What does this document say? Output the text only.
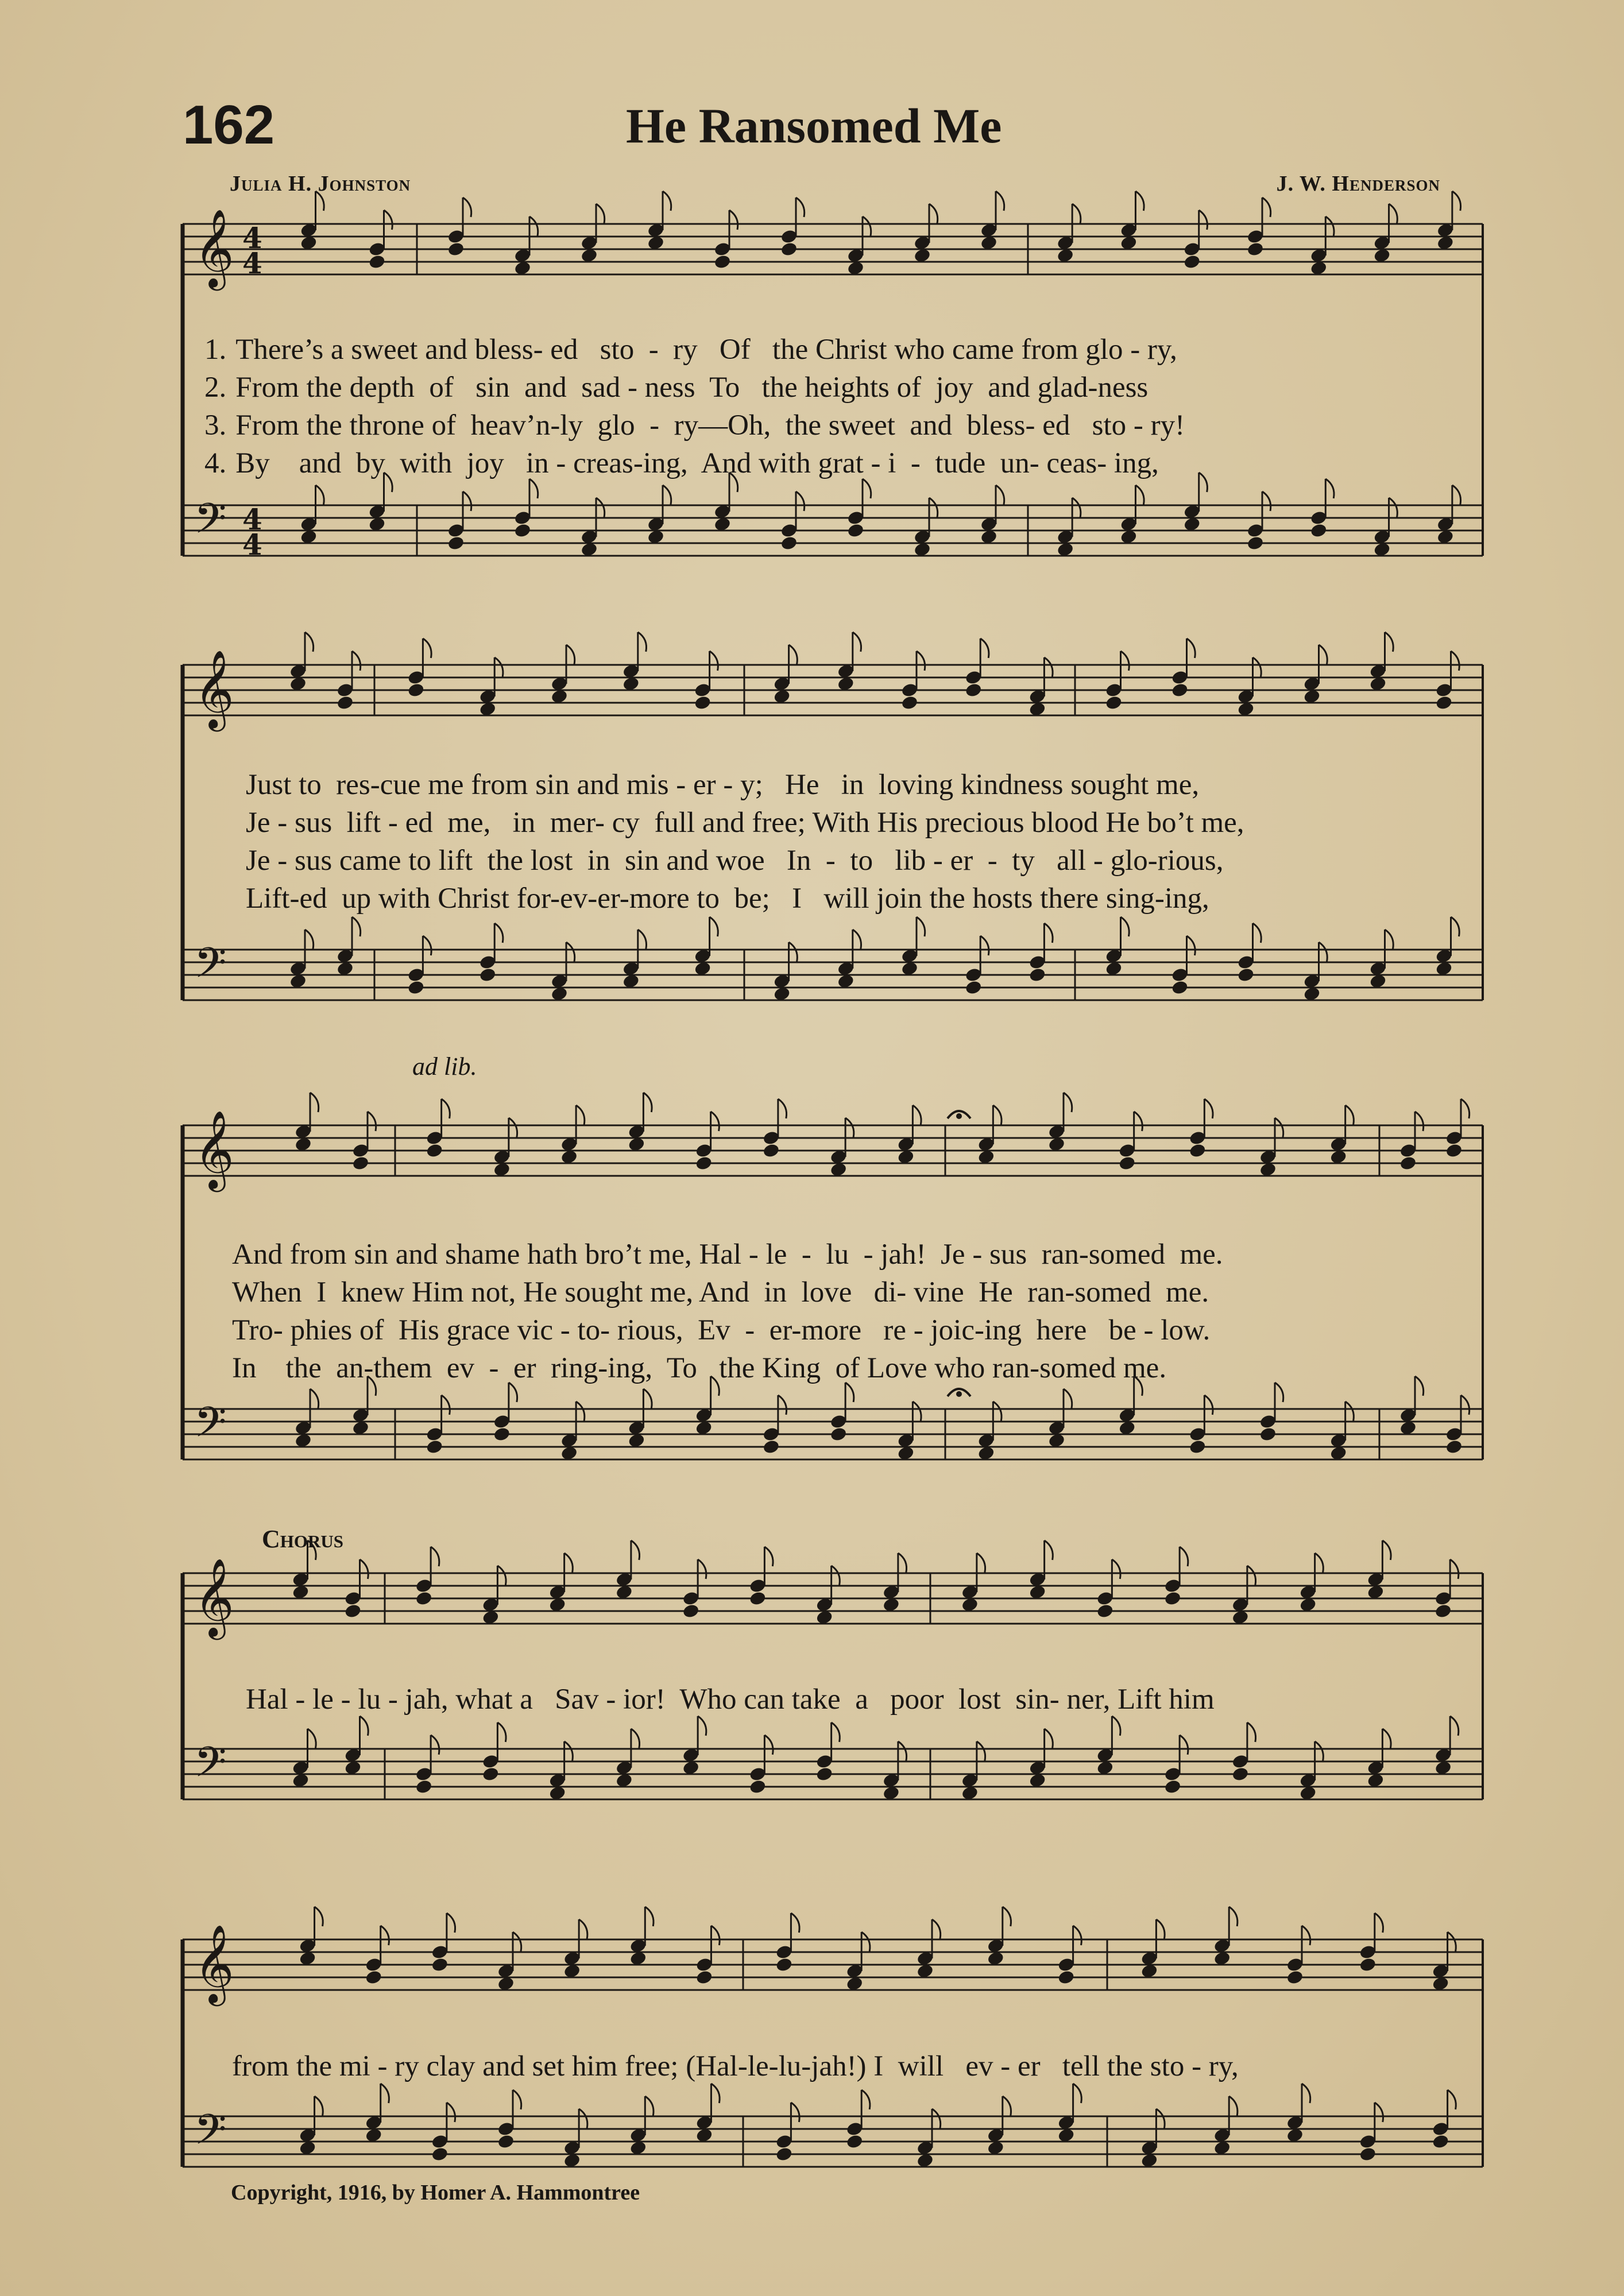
162	He Ransomed Me
Julia H. Johnston	J. W. Henderson
𝄞
𝄢
4
4
4
4
𝄞
𝄢
𝄞
𝄢
𝄞
𝄢
𝄞
𝄢
1. There’s a sweet and bless- ed   sto  -  ry   Of   the Christ who came from glo - ry,
2. From the depth  of   sin  and  sad - ness  To   the heights of  joy  and glad-ness
3. From the throne of  heav’n-ly  glo  -  ry—Oh,  the sweet  and  bless- ed   sto - ry!
4. By    and  by  with  joy   in - creas-ing,  And with grat - i  -  tude  un- ceas- ing,
Just to  res-cue me from sin and mis - er - y;   He   in  loving kindness sought me,
Je - sus  lift - ed  me,   in  mer- cy  full and free; With His precious blood He bo’t me,
Je - sus came to lift  the lost  in  sin and woe   In  -  to   lib - er  -  ty   all - glo-rious,
Lift-ed  up with Christ for-ev-er-more to  be;   I   will join the hosts there sing-ing,
ad lib.
And from sin and shame hath bro’t me, Hal - le  -  lu  - jah!  Je - sus  ran-somed  me.
When  I  knew Him not, He sought me, And  in  love   di- vine  He  ran-somed  me.
Tro- phies of  His grace vic - to- rious,  Ev  -  er-more   re - joic-ing  here   be - low.
In    the  an-them  ev  -  er  ring-ing,  To   the King  of Love who ran-somed me.
Chorus
Hal - le - lu - jah, what a   Sav - ior!  Who can take  a   poor  lost  sin- ner, Lift him
from the mi - ry clay and set him free; (Hal-le-lu-jah!) I  will   ev - er   tell the sto - ry,
Copyright, 1916, by Homer A. Hammontree
